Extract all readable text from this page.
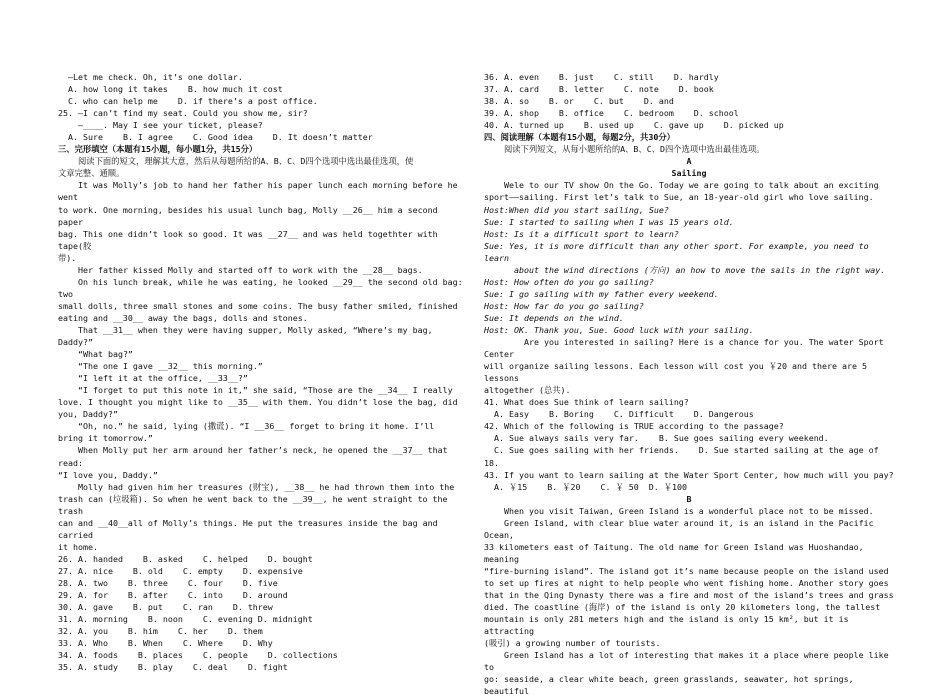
—Let me check. Oh, it’s one dollar.

A. how long it takes    B. how much it cost

C. who can help me    D. if there’s a post office.

25. —I can’t find my seat. Could you show me, sir?

—____. May I see your ticket, please?

A. Sure    B. I agree    C. Good idea    D. It doesn’t matter

三、完形填空（本题有15小题，每小题1分，共15分）

阅读下面的短文，理解其大意，然后从每题所给的A、B、C、D四个选项中选出最佳选项，使

文章完整、通顺。

It was Molly’s job to hand her father his paper lunch each morning before he went

to work. One morning, besides his usual lunch bag, Molly __26__ him a second paper

bag. This one didn’t look so good. It was __27__ and was held togethter with tape(胶

带).

Her father kissed Molly and started off to work with the __28__ bags.

On his lunch break, while he was eating, he looked __29__ the second old bag: two

small dolls, three small stones and some coins. The busy father smiled, finished

eating and __30__ away the bags, dolls and stones.

That __31__ when they were having supper, Molly asked, “Where’s my bag,

Daddy?”

“What bag?”

“The one I gave __32__ this morning.”

“I left it at the office, __33__?”

“I forget to put this note in it,” she said, “Those are the __34__ I really

love. I thought you might like to __35__ with them. You didn’t lose the bag, did

you, Daddy?”

“Oh, no.” he said, lying (撒谎). “I __36__ forget to bring it home. I’ll

bring it tomorrow.”

When Molly put her arm around her father’s neck, he opened the __37__ that read:

“I love you, Daddy.”

Molly had given him her treasures (财宝), __38__ he had thrown them into the

trash can (垃圾箱). So when he went back to the __39__, he went straight to the trash

can and __40__all of Molly’s things. He put the treasures inside the bag and carried

it home.

26. A. handed    B. asked    C. helped    D. bought

27. A. nice    B. old    C. empty    D. expensive

28. A. two    B. three    C. four    D. five

29. A. for    B. after    C. into    D. around

30. A. gave    B. put    C. ran    D. threw

31. A. morning    B. noon    C. evening D. midnight

32. A. you    B. him    C. her    D. them

33. A. Who    B. When    C. Where    D. Why

34. A. foods    B. places    C. people    D. collections

35. A. study    B. play    C. deal    D. fight

36. A. even    B. just    C. still    D. hardly

37. A. card    B. letter    C. note    D. book

38. A. so    B. or    C. but    D. and

39. A. shop    B. office    C. bedroom    D. school

40. A. turned up    B. used up    C. gave up    D. picked up

四、阅读理解（本题有15小题，每题2分，共30分）

阅读下列短文，从每小题所给的A、B、C、D四个选项中选出最佳选项。

A

Sailing

Wele to our TV show On the Go. Today we are going to talk about an exciting

sport——sailing. First let’s talk to Sue, an 18-year-old girl who love sailing.

Host:When did you start sailing, Sue?

Sue: I started to sailing when I was 15 years old.

Host: Is it a difficult sport to learn?

Sue: Yes, it is more difficult than any other sport. For example, you need to learn

about the wind directions (方向) an how to move the sails in the right way.

Host: How often do you go sailing?

Sue: I go sailing with my father every weekend.

Host: How far do you go sailing?

Sue: It depends on the wind.

Host: OK. Thank you, Sue. Good luck with your sailing.

Are you interested in sailing? Here is a chance for you. The water Sport Center

will organize sailing lessons. Each lesson will cost you ￥20 and there are 5 lessons

altogether (总共).

41. What does Sue think of learn sailing?

A. Easy    B. Boring    C. Difficult    D. Dangerous

42. Which of the following is TRUE according to the passage?

A. Sue always sails very far.    B. Sue goes sailing every weekend.

C. Sue goes sailing with her friends.    D. Sue started sailing at the age of 18.

43. If you want to learn sailing at the Water Sport Center, how much will you pay?

A. ￥15    B. ￥20    C. ￥ 50  D. ￥100

B

When you visit Taiwan, Green Island is a wonderful place not to be missed.

Green Island, with clear blue water around it, is an island in the Pacific Ocean,

33 kilometers east of Taitung. The old name for Green Island was Huoshandao, meaning

“fire-burning island”. The island got it’s name because people on the island used

to set up fires at night to help people who went fishing home. Another story goes

that in the Qing Dynasty there was a fire and most of the island’s trees and grass

died. The coastline (海岸) of the island is only 20 kilometers long, the tallest

mountain is only 281 meters high and the island is only 15 km², but it is attracting

(吸引) a growing number of tourists.

Green Island has a lot of interesting that makes it a place where people like to

go: seaside, a clear white beach, green grasslands, seawater, hot springs, beautiful
